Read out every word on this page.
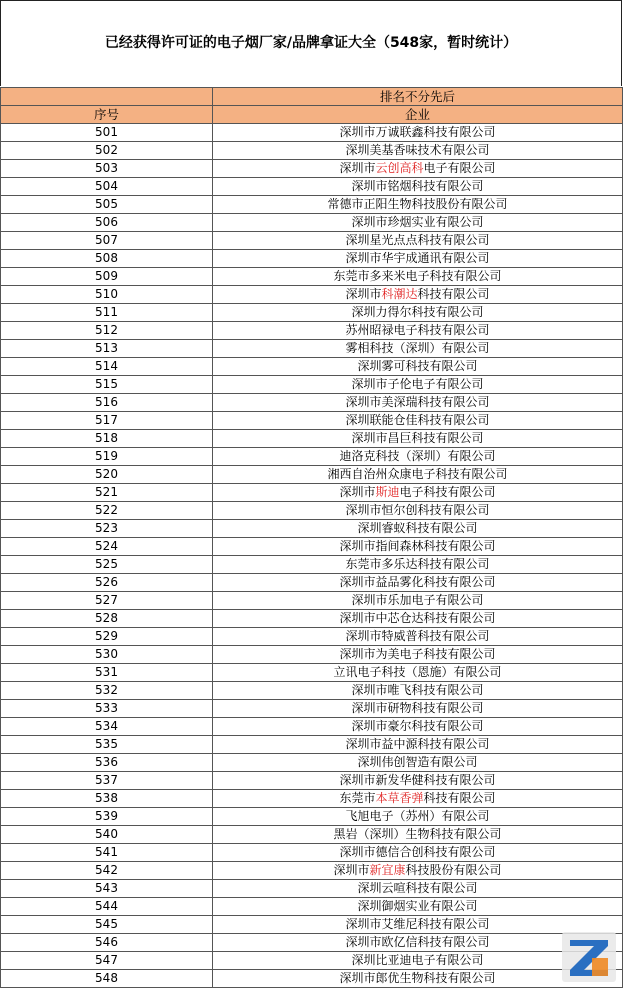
已经获得许可证的电子烟厂家/品牌拿证大全（548家，暂时统计）
	排名不分先后
序号	企业
501	深圳市万诚联鑫科技有限公司
502	深圳美基香味技术有限公司
503	深圳市云创高科电子有限公司
504	深圳市铭烟科技有限公司
505	常德市正阳生物科技股份有限公司
506	深圳市珍烟实业有限公司
507	深圳星光点点科技有限公司
508	深圳市华宇成通讯有限公司
509	东莞市多来米电子科技有限公司
510	深圳市科潮达科技有限公司
511	深圳力得尔科技有限公司
512	苏州昭禄电子科技有限公司
513	雾相科技（深圳）有限公司
514	深圳雾可科技有限公司
515	深圳市子伦电子有限公司
516	深圳市美深瑞科技有限公司
517	深圳联能仓佳科技有限公司
518	深圳市昌巨科技有限公司
519	迪洛克科技（深圳）有限公司
520	湘西自治州众康电子科技有限公司
521	深圳市斯迪电子科技有限公司
522	深圳市恒尔创科技有限公司
523	深圳睿蚁科技有限公司
524	深圳市指间森林科技有限公司
525	东莞市多乐达科技有限公司
526	深圳市益品雾化科技有限公司
527	深圳市乐加电子有限公司
528	深圳市中芯仓达科技有限公司
529	深圳市特威普科技有限公司
530	深圳市为美电子科技有限公司
531	立讯电子科技（恩施）有限公司
532	深圳市唯飞科技有限公司
533	深圳市研物科技有限公司
534	深圳市豪尔科技有限公司
535	深圳市益中源科技有限公司
536	深圳伟创智造有限公司
537	深圳市新发华健科技有限公司
538	东莞市本草香弹科技有限公司
539	飞旭电子（苏州）有限公司
540	黑岩（深圳）生物科技有限公司
541	深圳市德信合创科技有限公司
542	深圳市新宜康科技股份有限公司
543	深圳云喧科技有限公司
544	深圳御烟实业有限公司
545	深圳市艾维尼科技有限公司
546	深圳市欧亿信科技有限公司
547	深圳比亚迪电子有限公司
548	深圳市郎优生物科技有限公司
